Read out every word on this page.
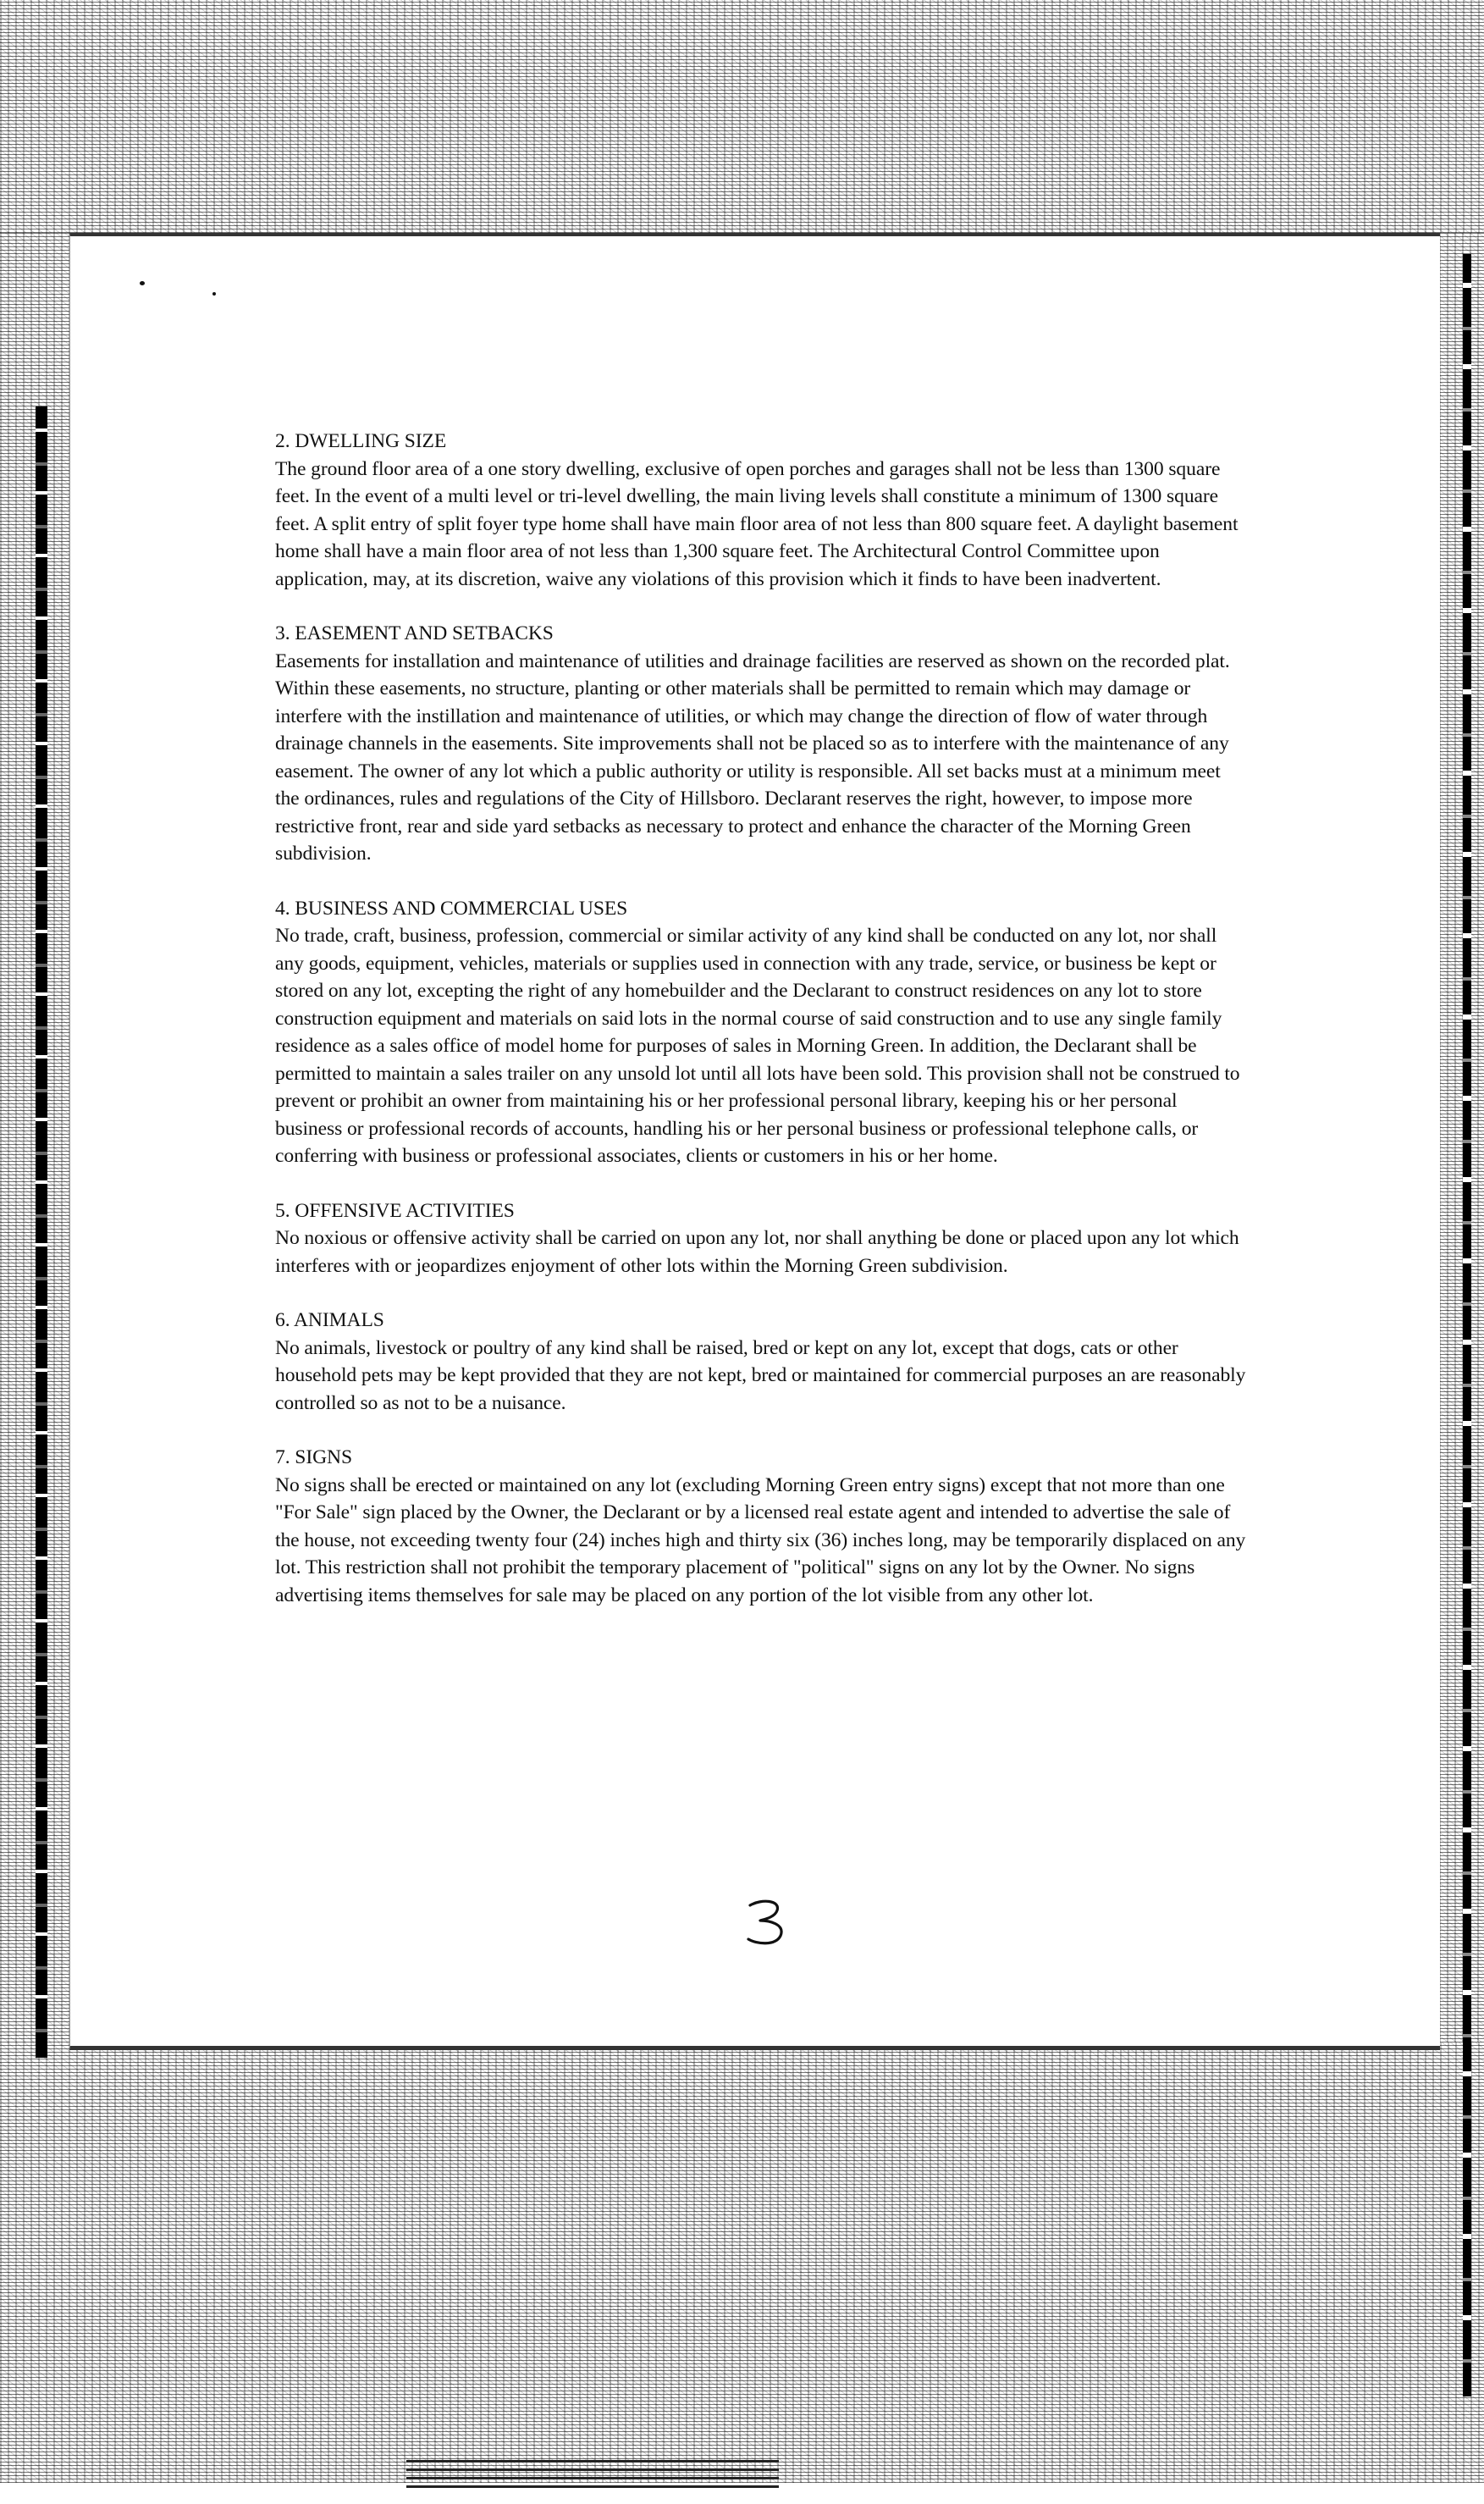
2. DWELLING SIZE

The ground floor area of a one story dwelling, exclusive of open porches and garages shall not be less than 1300 square feet. In the event of a multi level or tri-level dwelling, the main living levels shall constitute a minimum of 1300 square feet. A split entry of split foyer type home shall have main floor area of not less than 800 square feet. A daylight basement home shall have a main floor area of not less than 1,300 square feet. The Architectural Control Committee upon application, may, at its discretion, waive any violations of this provision which it finds to have been inadvertent.

3. EASEMENT AND SETBACKS

Easements for installation and maintenance of utilities and drainage facilities are reserved as shown on the recorded plat. Within these easements, no structure, planting or other materials shall be permitted to remain which may damage or interfere with the instillation and maintenance of utilities, or which may change the direction of flow of water through drainage channels in the easements. Site improvements shall not be placed so as to interfere with the maintenance of any easement. The owner of any lot which a public authority or utility is responsible. All set backs must at a minimum meet the ordinances, rules and regulations of the City of Hillsboro. Declarant reserves the right, however, to impose more restrictive front, rear and side yard setbacks as necessary to protect and enhance the character of the Morning Green subdivision.

4. BUSINESS AND COMMERCIAL USES

No trade, craft, business, profession, commercial or similar activity of any kind shall be conducted on any lot, nor shall any goods, equipment, vehicles, materials or supplies used in connection with any trade, service, or business be kept or stored on any lot, excepting the right of any homebuilder and the Declarant to construct residences on any lot to store construction equipment and materials on said lots in the normal course of said construction and to use any single family residence as a sales office of model home for purposes of sales in Morning Green. In addition, the Declarant shall be permitted to maintain a sales trailer on any unsold lot until all lots have been sold. This provision shall not be construed to prevent or prohibit an owner from maintaining his or her professional personal library, keeping his or her personal business or professional records of accounts, handling his or her personal business or professional telephone calls, or conferring with business or professional associates, clients or customers in his or her home.

5. OFFENSIVE ACTIVITIES

No noxious or offensive activity shall be carried on upon any lot, nor shall anything be done or placed upon any lot which interferes with or jeopardizes enjoyment of other lots within the Morning Green subdivision.

6. ANIMALS

No animals, livestock or poultry of any kind shall be raised, bred or kept on any lot, except that dogs, cats or other household pets may be kept provided that they are not kept, bred or maintained for commercial purposes an are reasonably controlled so as not to be a nuisance.

7. SIGNS

No signs shall be erected or maintained on any lot (excluding Morning Green entry signs) except that not more than one "For Sale" sign placed by the Owner, the Declarant or by a licensed real estate agent and intended to advertise the sale of the house, not exceeding twenty four (24) inches high and thirty six (36) inches long, may be temporarily displaced on any lot. This restriction shall not prohibit the temporary placement of "political" signs on any lot by the Owner. No signs advertising items themselves for sale may be placed on any portion of the lot visible from any other lot.
